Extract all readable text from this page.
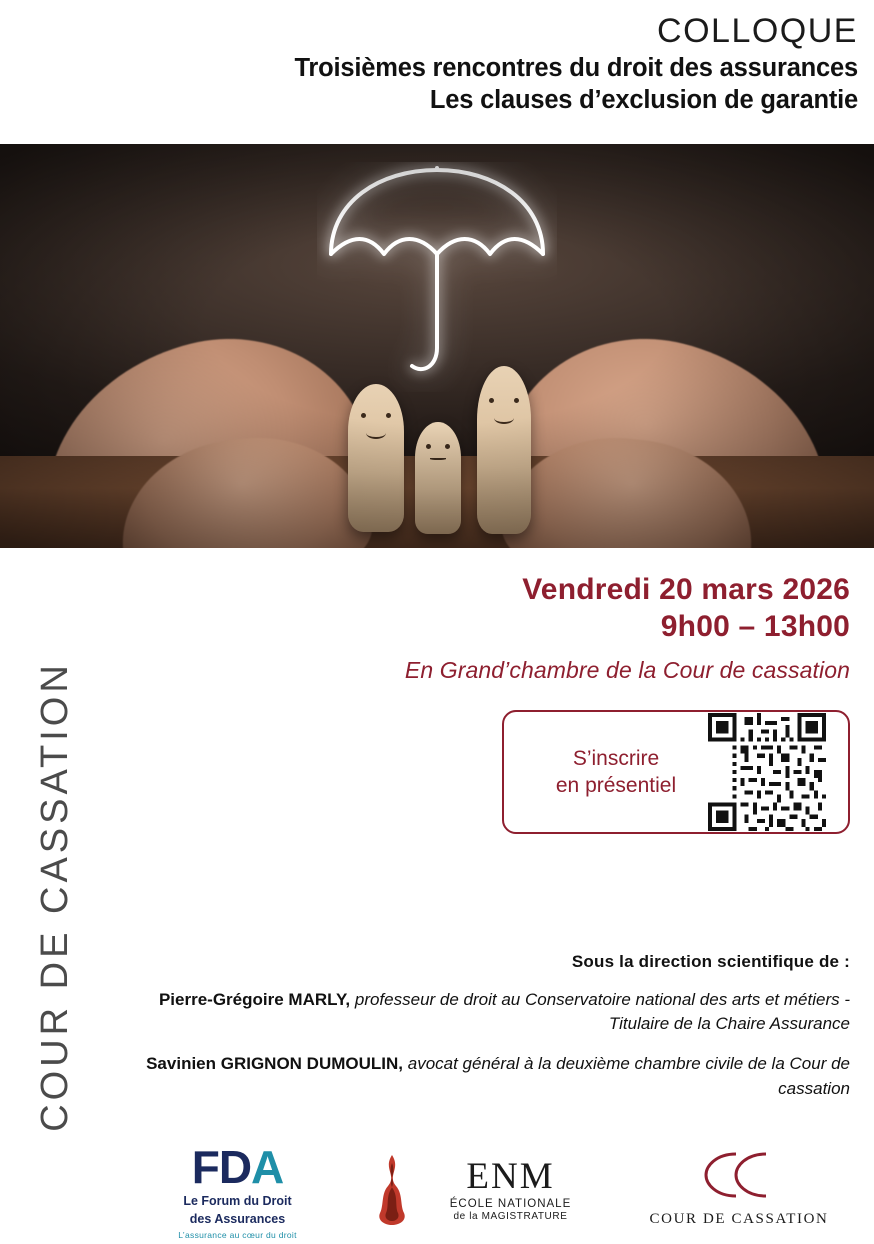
COLLOQUE
Troisièmes rencontres du droit des assurances
Les clauses d’exclusion de garantie
COUR DE CASSATION
Vendredi 20 mars 2026
9h00 – 13h00
En Grand’chambre de la Cour de cassation
S’inscrire
en présentiel
Sous la direction scientifique de :
Pierre-Grégoire MARLY, professeur de droit au Conservatoire national des arts et métiers - Titulaire de la Chaire Assurance
Savinien GRIGNON DUMOULIN, avocat général à la deuxième chambre civile de la Cour de cassation
FDA
Le Forum du Droit
des Assurances
L’assurance au cœur du droit
ENM
ÉCOLE NATIONALE
de la MAGISTRATURE	COUR DE CASSATION
